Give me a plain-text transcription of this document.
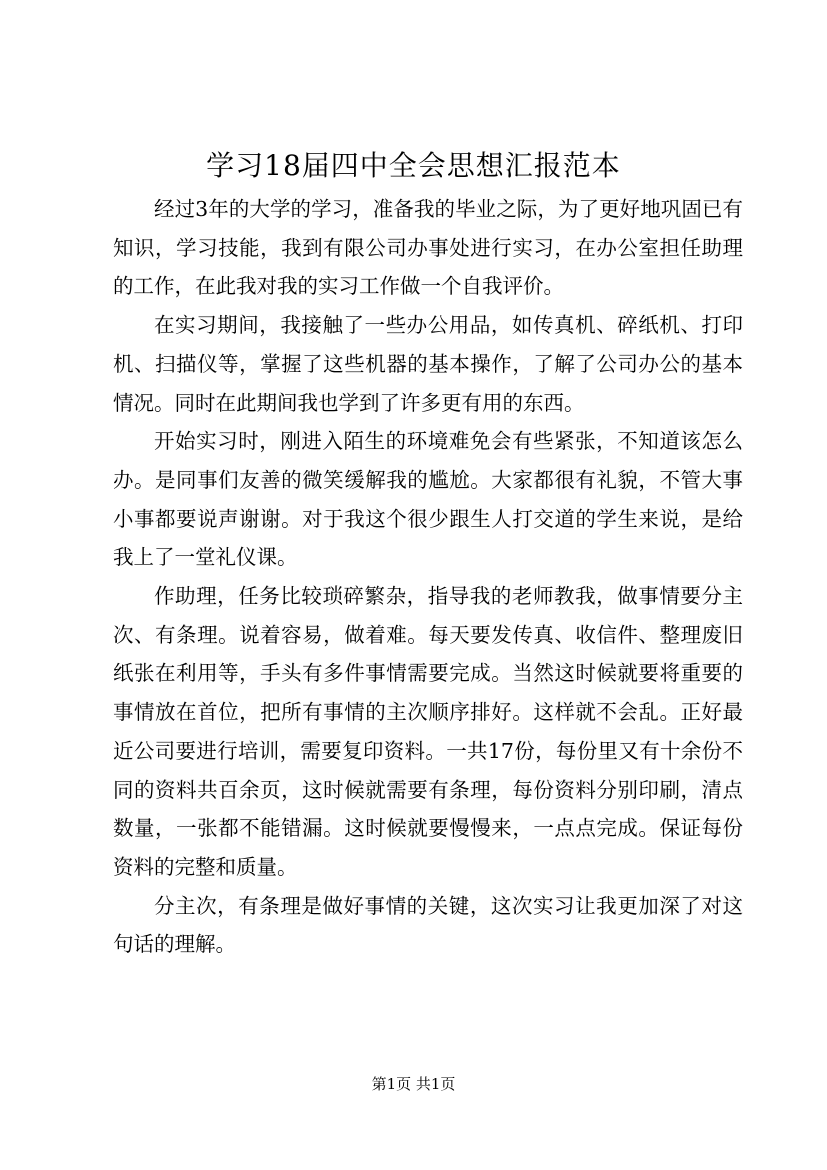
学习18届四中全会思想汇报范本

经过3年的大学的学习，准备我的毕业之际，为了更好地巩固已有知识，学习技能，我到有限公司办事处进行实习，在办公室担任助理的工作，在此我对我的实习工作做一个自我评价。

在实习期间，我接触了一些办公用品，如传真机、碎纸机、打印机、扫描仪等，掌握了这些机器的基本操作，了解了公司办公的基本情况。同时在此期间我也学到了许多更有用的东西。

开始实习时，刚进入陌生的环境难免会有些紧张，不知道该怎么办。是同事们友善的微笑缓解我的尴尬。大家都很有礼貌，不管大事小事都要说声谢谢。对于我这个很少跟生人打交道的学生来说，是给我上了一堂礼仪课。

作助理，任务比较琐碎繁杂，指导我的老师教我，做事情要分主次、有条理。说着容易，做着难。每天要发传真、收信件、整理废旧纸张在利用等，手头有多件事情需要完成。当然这时候就要将重要的事情放在首位，把所有事情的主次顺序排好。这样就不会乱。正好最近公司要进行培训，需要复印资料。一共17份，每份里又有十余份不同的资料共百余页，这时候就需要有条理，每份资料分别印刷，清点数量，一张都不能错漏。这时候就要慢慢来，一点点完成。保证每份资料的完整和质量。

分主次，有条理是做好事情的关键，这次实习让我更加深了对这句话的理解。

第1页 共1页
